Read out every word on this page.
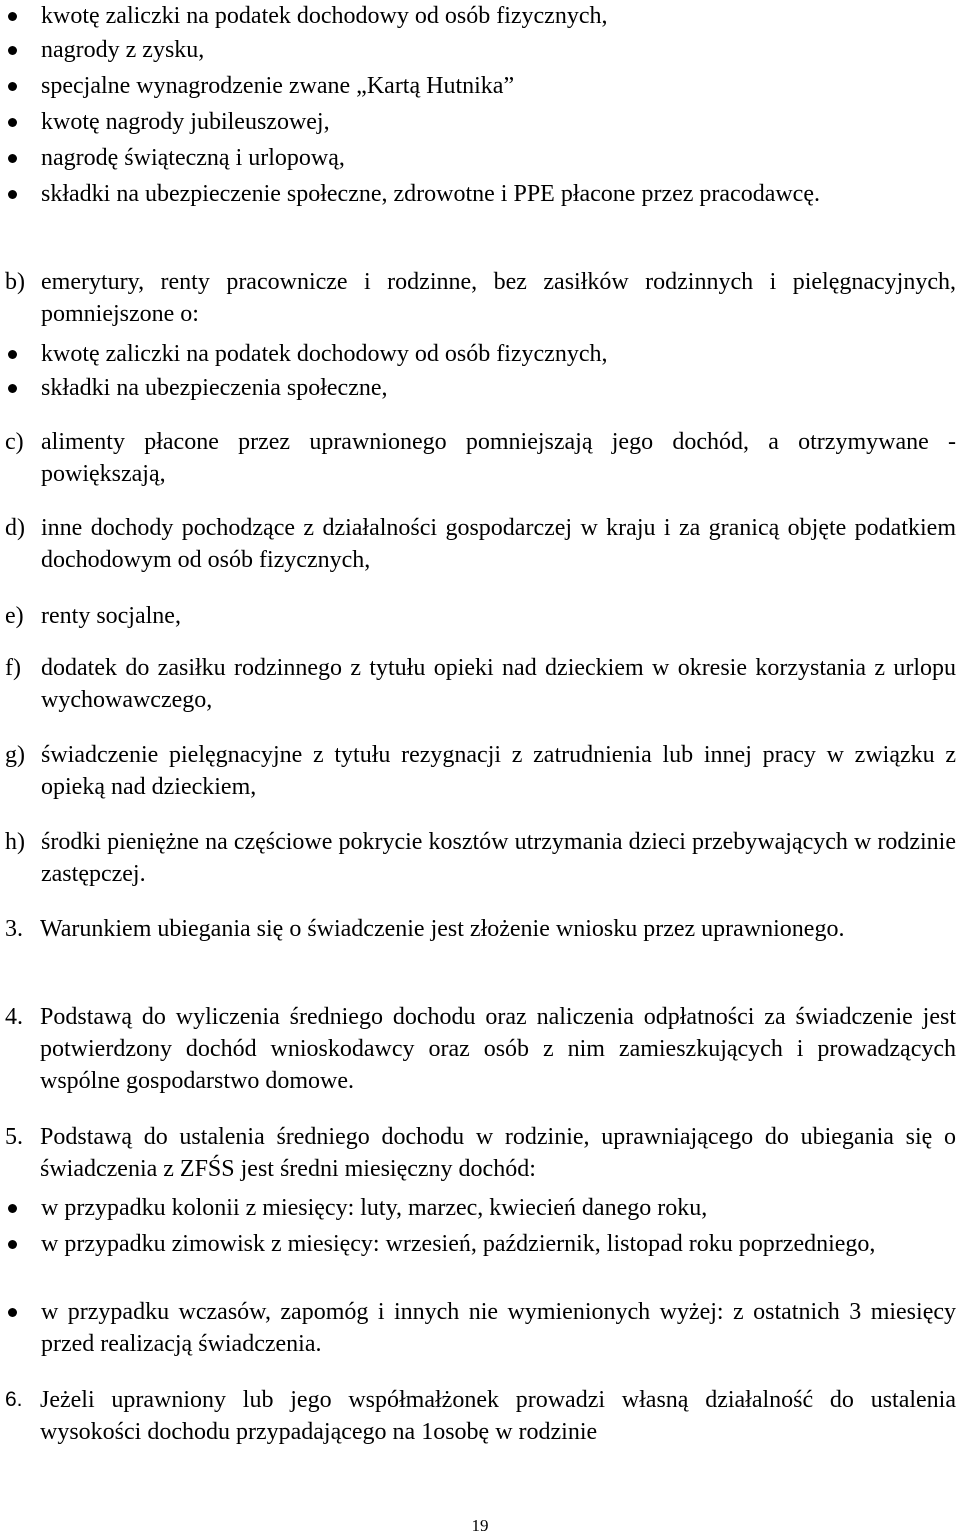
kwotę zaliczki na podatek dochodowy od osób fizycznych,
nagrody z zysku,
specjalne wynagrodzenie zwane „Kartą Hutnika”
kwotę nagrody jubileuszowej,
nagrodę świąteczną i urlopową,
składki na ubezpieczenie społeczne, zdrowotne i PPE płacone przez pracodawcę.
b) emerytury, renty pracownicze i rodzinne, bez zasiłków rodzinnych i pielęgnacyjnych, pomniejszone o:
kwotę zaliczki na podatek dochodowy od osób fizycznych,
składki na ubezpieczenia społeczne,
c) alimenty płacone przez uprawnionego pomniejszają jego dochód, a otrzymywane - powiększają,
d) inne dochody pochodzące z działalności gospodarczej w kraju i za granicą objęte podatkiem dochodowym od osób fizycznych,
e) renty socjalne,
f) dodatek do zasiłku rodzinnego z tytułu opieki nad dzieckiem w okresie korzystania z urlopu wychowawczego,
g) świadczenie pielęgnacyjne z tytułu rezygnacji z zatrudnienia lub innej pracy w związku z opieką nad dzieckiem,
h) środki pieniężne na częściowe pokrycie kosztów utrzymania dzieci przebywających w rodzinie zastępczej.
3. Warunkiem ubiegania się o świadczenie jest złożenie wniosku przez uprawnionego.
4. Podstawą do wyliczenia średniego dochodu oraz naliczenia odpłatności za świadczenie jest potwierdzony dochód wnioskodawcy oraz osób z nim zamieszkujących i prowadzących wspólne gospodarstwo domowe.
5. Podstawą do ustalenia średniego dochodu w rodzinie, uprawniającego do ubiegania się o świadczenia z ZFŚS jest średni miesięczny dochód:
w przypadku kolonii z miesięcy: luty, marzec, kwiecień danego roku,
w przypadku zimowisk z miesięcy: wrzesień, październik, listopad roku poprzedniego,
w przypadku wczasów, zapomóg i innych nie wymienionych wyżej: z ostatnich 3 miesięcy przed realizacją świadczenia.
6. Jeżeli uprawniony lub jego współmałżonek prowadzi własną działalność do ustalenia wysokości dochodu przypadającego na 1osobę w rodzinie
19
